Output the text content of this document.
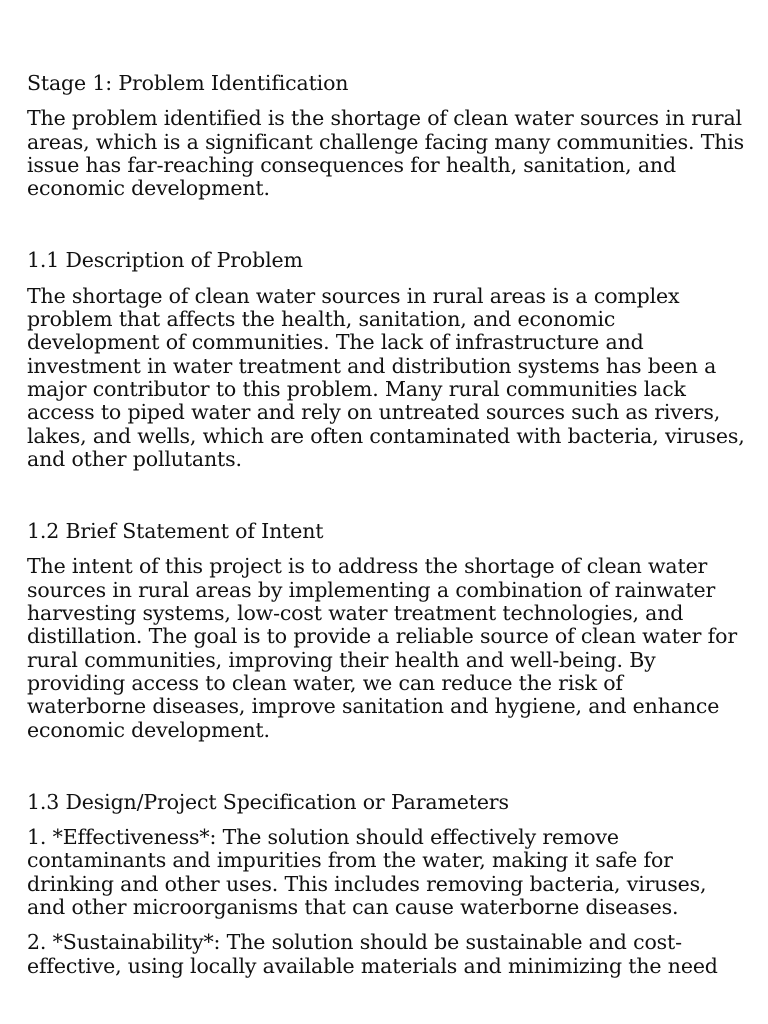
Stage 1: Problem Identification

The problem identified is the shortage of clean water sources in rural areas, which is a significant challenge facing many communities. This issue has far-reaching consequences for health, sanitation, and economic development.

1.1 Description of Problem

The shortage of clean water sources in rural areas is a complex problem that affects the health, sanitation, and economic development of communities. The lack of infrastructure and investment in water treatment and distribution systems has been a major contributor to this problem. Many rural communities lack access to piped water and rely on untreated sources such as rivers, lakes, and wells, which are often contaminated with bacteria, viruses, and other pollutants.

1.2 Brief Statement of Intent

The intent of this project is to address the shortage of clean water sources in rural areas by implementing a combination of rainwater harvesting systems, low-cost water treatment technologies, and distillation. The goal is to provide a reliable source of clean water for rural communities, improving their health and well-being. By providing access to clean water, we can reduce the risk of waterborne diseases, improve sanitation and hygiene, and enhance economic development.

1.3 Design/Project Specification or Parameters

1. *Effectiveness*: The solution should effectively remove contaminants and impurities from the water, making it safe for drinking and other uses. This includes removing bacteria, viruses, and other microorganisms that can cause waterborne diseases.

2. *Sustainability*: The solution should be sustainable and cost-effective, using locally available materials and minimizing the need
